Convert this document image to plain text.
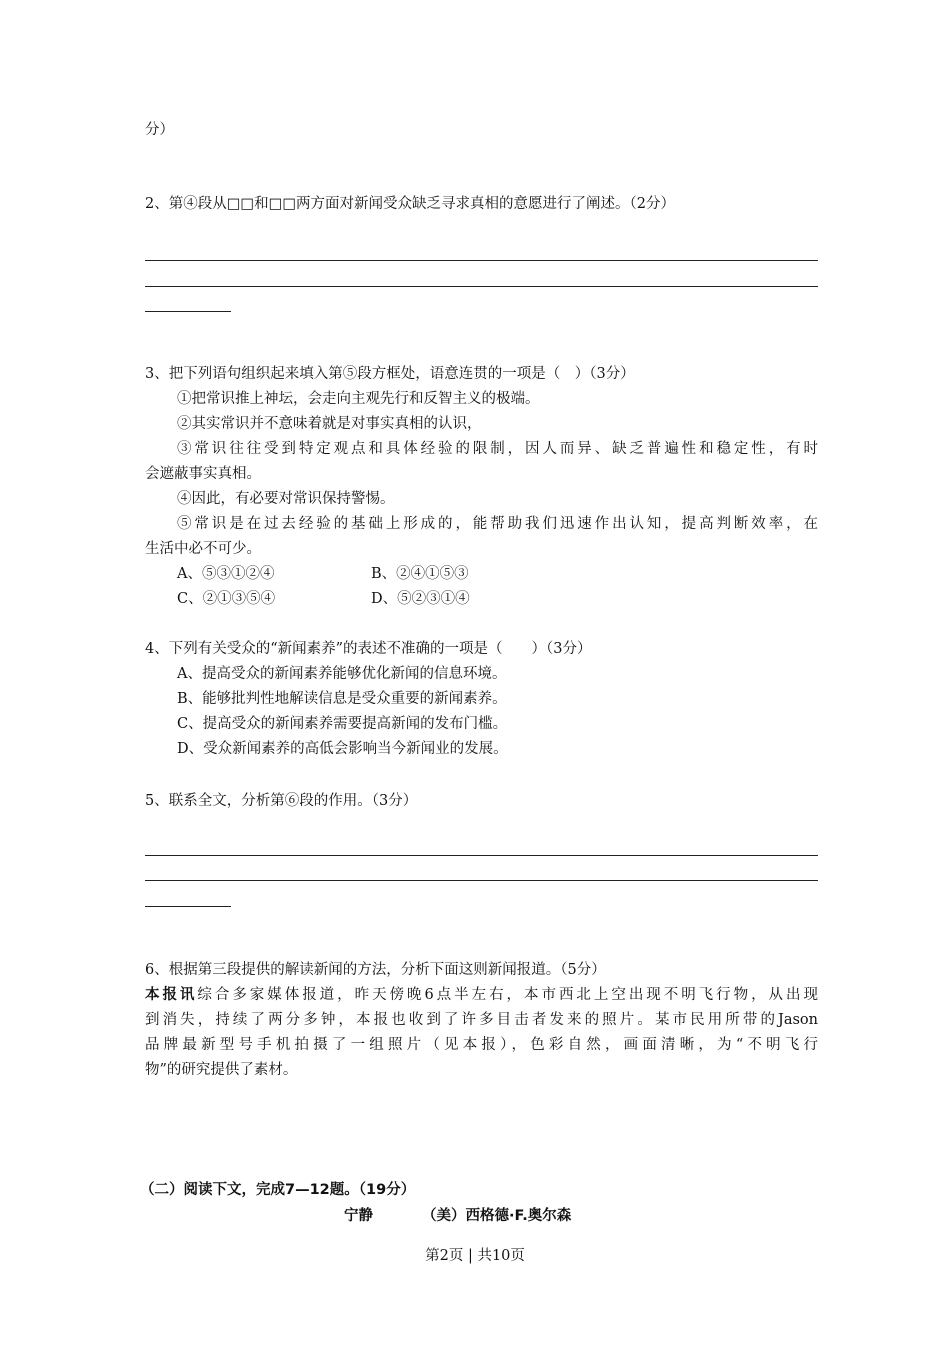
分）
2、第④段从□□和□□两方面对新闻受众缺乏寻求真相的意愿进行了阐述。（2分）
3、把下列语句组织起来填入第⑤段方框处，语意连贯的一项是（　）（3分）
①把常识推上神坛，会走向主观先行和反智主义的极端。
②其实常识并不意味着就是对事实真相的认识，
③常识往往受到特定观点和具体经验的限制，因人而异、缺乏普遍性和稳定性，有时
会遮蔽事实真相。
④因此，有必要对常识保持警惕。
⑤常识是在过去经验的基础上形成的，能帮助我们迅速作出认知，提高判断效率，在
生活中必不可少。
A、⑤③①②④	B、②④①⑤③
C、②①③⑤④	D、⑤②③①④
4、下列有关受众的“新闻素养”的表述不准确的一项是（　　）（3分）
A、提高受众的新闻素养能够优化新闻的信息环境。
B、能够批判性地解读信息是受众重要的新闻素养。
C、提高受众的新闻素养需要提高新闻的发布门槛。
D、受众新闻素养的高低会影响当今新闻业的发展。
5、联系全文，分析第⑥段的作用。（3分）
6、根据第三段提供的解读新闻的方法，分析下面这则新闻报道。（5分）
本报讯综合多家媒体报道，昨天傍晚6点半左右，本市西北上空出现不明飞行物，从出现
到消失，持续了两分多钟，本报也收到了许多目击者发来的照片。某市民用所带的Jason
品牌最新型号手机拍摄了一组照片（见本报），色彩自然，画面清晰，为“不明飞行
物”的研究提供了素材。
（二）阅读下文，完成7—12题。（19分）
宁静	（美）西格德·F.奥尔森
第2页 | 共10页
